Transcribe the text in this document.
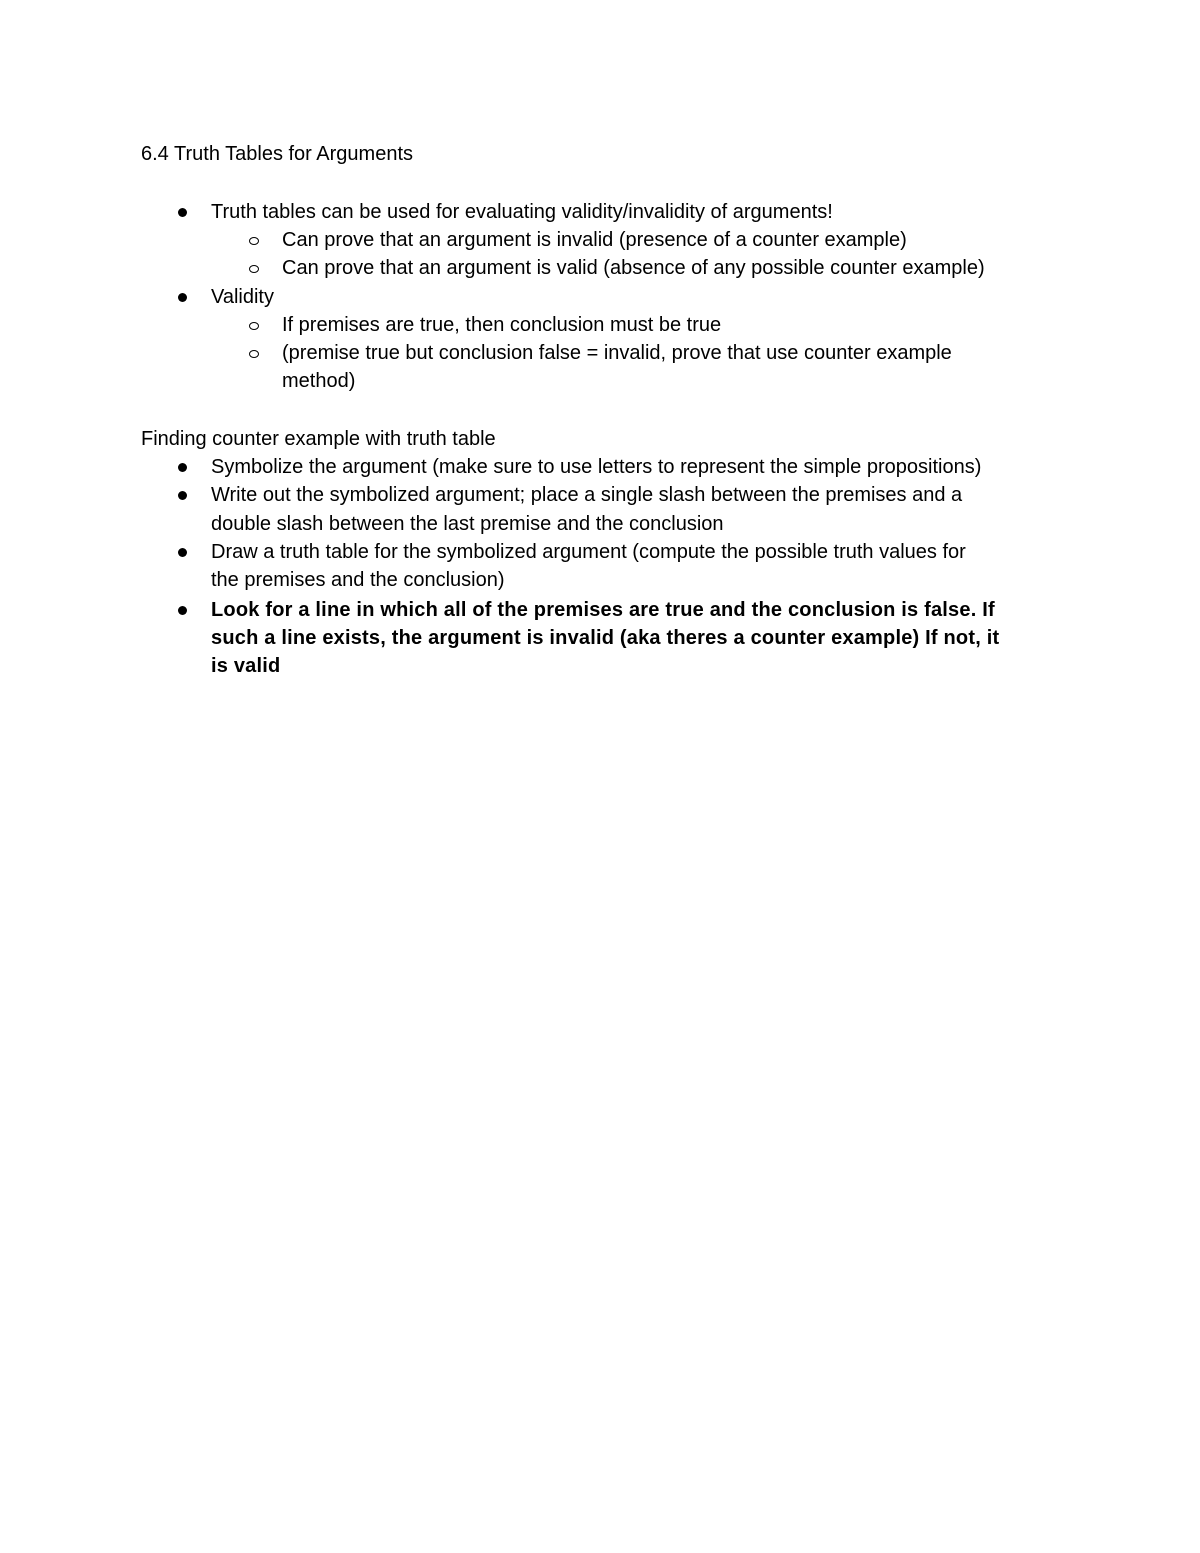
6.4 Truth Tables for Arguments
Truth tables can be used for evaluating validity/invalidity of arguments!
Can prove that an argument is invalid (presence of a counter example)
Can prove that an argument is valid (absence of any possible counter example)
Validity
If premises are true, then conclusion must be true
(premise true but conclusion false = invalid, prove that use counter example
method)
Finding counter example with truth table
Symbolize the argument (make sure to use letters to represent the simple propositions)
Write out the symbolized argument; place a single slash between the premises and a
double slash between the last premise and the conclusion
Draw a truth table for the symbolized argument (compute the possible truth values for
the premises and the conclusion)
Look for a line in which all of the premises are true and the conclusion is false. If
such a line exists, the argument is invalid (aka theres a counter example) If not, it
is valid
